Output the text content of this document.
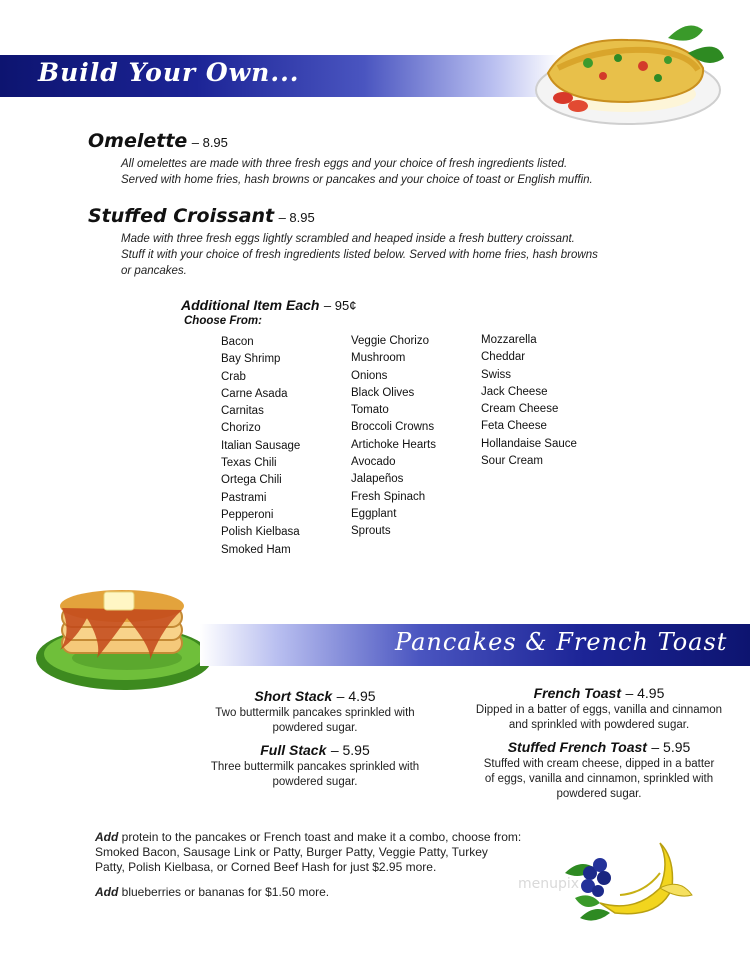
Build Your Own...
Omelette – 8.95
All omelettes are made with three fresh eggs and your choice of fresh ingredients listed.
Served with home fries, hash browns or pancakes and your choice of toast or English muffin.
Stuffed Croissant – 8.95
Made with three fresh eggs lightly scrambled and heaped inside a fresh buttery croissant.
Stuff it with your choice of fresh ingredients listed below. Served with home fries, hash browns
or pancakes.
Additional Item Each – 95¢
Choose From:
Bacon
Bay Shrimp
Crab
Carne Asada
Carnitas
Chorizo
Italian Sausage
Texas Chili
Ortega Chili
Pastrami
Pepperoni
Polish Kielbasa
Smoked Ham
Veggie Chorizo
Mushroom
Onions
Black Olives
Tomato
Broccoli Crowns
Artichoke Hearts
Avocado
Jalapeños
Fresh Spinach
Eggplant
Sprouts
Mozzarella
Cheddar
Swiss
Jack Cheese
Cream Cheese
Feta Cheese
Hollandaise Sauce
Sour Cream
Pancakes & French Toast
Short Stack – 4.95
Two buttermilk pancakes sprinkled with
powdered sugar.
Full Stack – 5.95
Three buttermilk pancakes sprinkled with
powdered sugar.
French Toast – 4.95
Dipped in a batter of eggs, vanilla and cinnamon
and sprinkled with powdered sugar.
Stuffed French Toast – 5.95
Stuffed with cream cheese, dipped in a batter
of eggs, vanilla and cinnamon, sprinkled with
powdered sugar.
Add protein to the pancakes or French toast and make it a combo, choose from:
Smoked Bacon, Sausage Link or Patty, Burger Patty, Veggie Patty, Turkey
Patty, Polish Kielbasa, or Corned Beef Hash for just $2.95 more.
Add blueberries or bananas for $1.50 more.	menupix
